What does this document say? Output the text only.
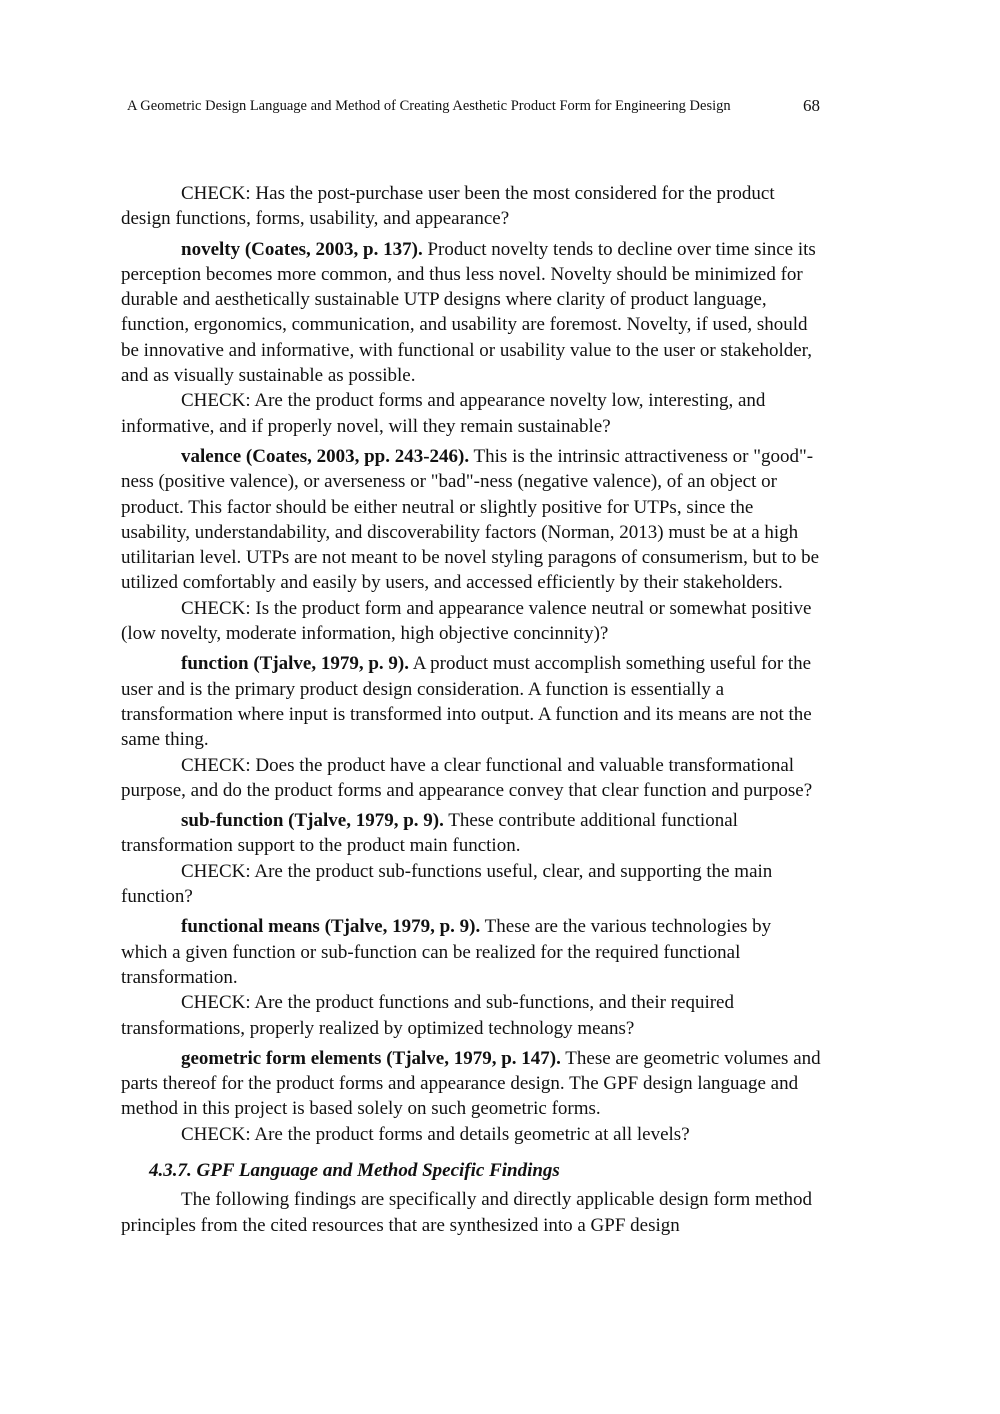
A Geometric Design Language and Method of Creating Aesthetic Product Form for Engineering Design	68

CHECK: Has the post-purchase user been the most considered for the product design functions, forms, usability, and appearance?

novelty (Coates, 2003, p. 137). Product novelty tends to decline over time since its perception becomes more common, and thus less novel. Novelty should be minimized for durable and aesthetically sustainable UTP designs where clarity of product language, function, ergonomics, communication, and usability are foremost. Novelty, if used, should be innovative and informative, with functional or usability value to the user or stakeholder, and as visually sustainable as possible.

CHECK: Are the product forms and appearance novelty low, interesting, and informative, and if properly novel, will they remain sustainable?

valence (Coates, 2003, pp. 243-246). This is the intrinsic attractiveness or "good"-ness (positive valence), or averseness or "bad"-ness (negative valence), of an object or product. This factor should be either neutral or slightly positive for UTPs, since the usability, understandability, and discoverability factors (Norman, 2013) must be at a high utilitarian level. UTPs are not meant to be novel styling paragons of consumerism, but to be utilized comfortably and easily by users, and accessed efficiently by their stakeholders.

CHECK: Is the product form and appearance valence neutral or somewhat positive (low novelty, moderate information, high objective concinnity)?

function (Tjalve, 1979, p. 9). A product must accomplish something useful for the user and is the primary product design consideration. A function is essentially a transformation where input is transformed into output. A function and its means are not the same thing.

CHECK: Does the product have a clear functional and valuable transformational purpose, and do the product forms and appearance convey that clear function and purpose?

sub-function (Tjalve, 1979, p. 9). These contribute additional functional transformation support to the product main function.

CHECK: Are the product sub-functions useful, clear, and supporting the main function?

functional means (Tjalve, 1979, p. 9). These are the various technologies by which a given function or sub-function can be realized for the required functional transformation.

CHECK: Are the product functions and sub-functions, and their required transformations, properly realized by optimized technology means?

geometric form elements (Tjalve, 1979, p. 147). These are geometric volumes and parts thereof for the product forms and appearance design. The GPF design language and method in this project is based solely on such geometric forms.

CHECK: Are the product forms and details geometric at all levels?

4.3.7. GPF Language and Method Specific Findings

The following findings are specifically and directly applicable design form method principles from the cited resources that are synthesized into a GPF design
